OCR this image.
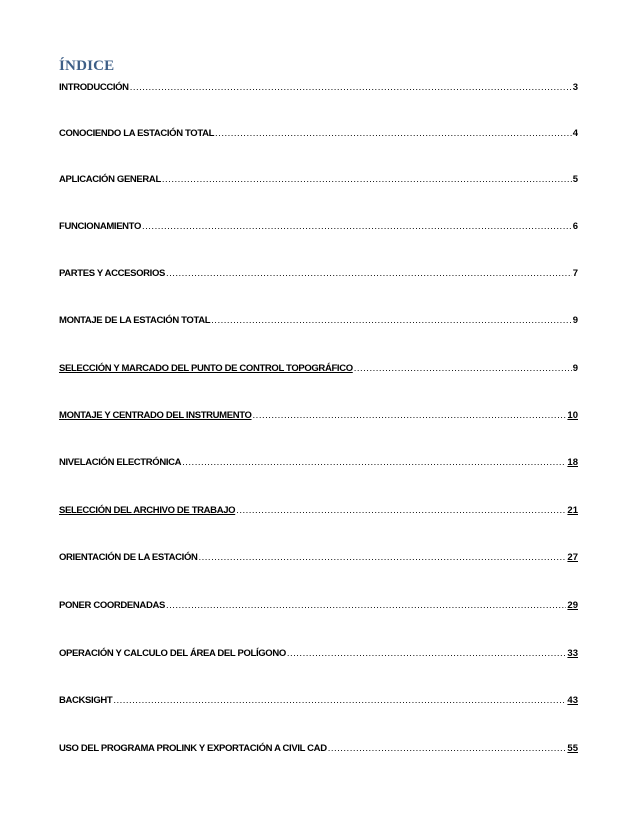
ÍNDICE
INTRODUCCIÓN .....	3
CONOCIENDO LA ESTACIÓN TOTAL .....	4
APLICACIÓN GENERAL .....	5
FUNCIONAMIENTO .....	6
PARTES Y ACCESORIOS .....	7
MONTAJE DE LA ESTACIÓN TOTAL .....	9
SELECCIÓN Y MARCADO DEL PUNTO DE CONTROL TOPOGRÁFICO .....	9
MONTAJE Y CENTRADO DEL INSTRUMENTO .....	10
NIVELACIÓN ELECTRÓNICA .....	18
SELECCIÓN DEL ARCHIVO DE TRABAJO .....	21
ORIENTACIÓN DE LA ESTACIÓN .....	27
PONER COORDENADAS .....	29
OPERACIÓN Y CALCULO DEL ÁREA DEL POLÍGONO .....	33
BACKSIGHT .....	43
USO DEL PROGRAMA PROLINK Y EXPORTACIÓN A CIVIL CAD .....	55
